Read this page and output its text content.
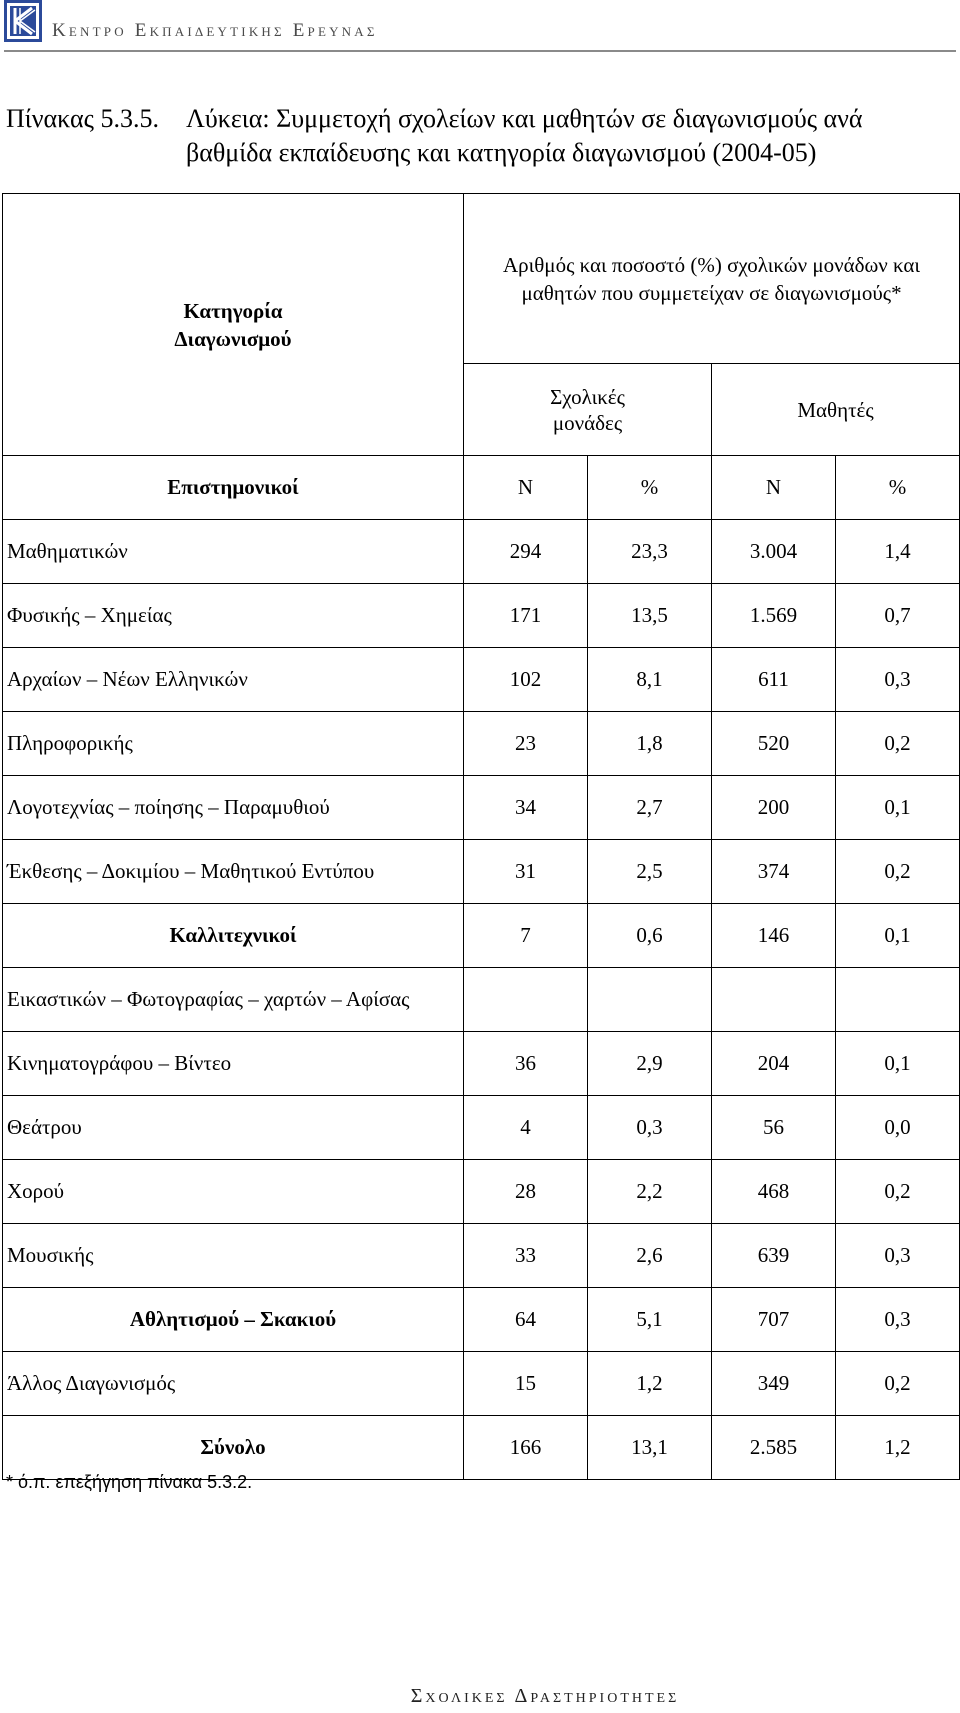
Κεντρο Εκπαιδευτικης Ερευνας
Πίνακας 5.3.5. Λύκεια: Συμμετοχή σχολείων και μαθητών σε διαγωνισμούς ανά
βαθμίδα εκπαίδευσης και κατηγορία διαγωνισμού (2004-05)
Κατηγορία Διαγωνισμού	Αριθμός και ποσοστό (%) σχολικών μονάδων και μαθητών που συμμετείχαν σε διαγωνισμούς*			
	Σχολικές μονάδες		Μαθητές	
Επιστημονικοί	Ν	%	Ν	%
Μαθηματικών	294	23,3	3.004	1,4
Φυσικής – Χημείας	171	13,5	1.569	0,7
Αρχαίων – Νέων Ελληνικών	102	8,1	611	0,3
Πληροφορικής	23	1,8	520	0,2
Λογοτεχνίας – ποίησης – Παραμυθιού	34	2,7	200	0,1
Έκθεσης – Δοκιμίου – Μαθητικού Εντύπου	31	2,5	374	0,2
Καλλιτεχνικοί	7	0,6	146	0,1
Εικαστικών – Φωτογραφίας – χαρτών – Αφίσας				
Κινηματογράφου – Βίντεο	36	2,9	204	0,1
Θεάτρου	4	0,3	56	0,0
Χορού	28	2,2	468	0,2
Μουσικής	33	2,6	639	0,3
Αθλητισμού – Σκακιού	64	5,1	707	0,3
Άλλος Διαγωνισμός	15	1,2	349	0,2
Σύνολο	166	13,1	2.585	1,2
* ό.π. επεξήγηση πίνακα 5.3.2.
Σχολικες Δραστηριοτητες
